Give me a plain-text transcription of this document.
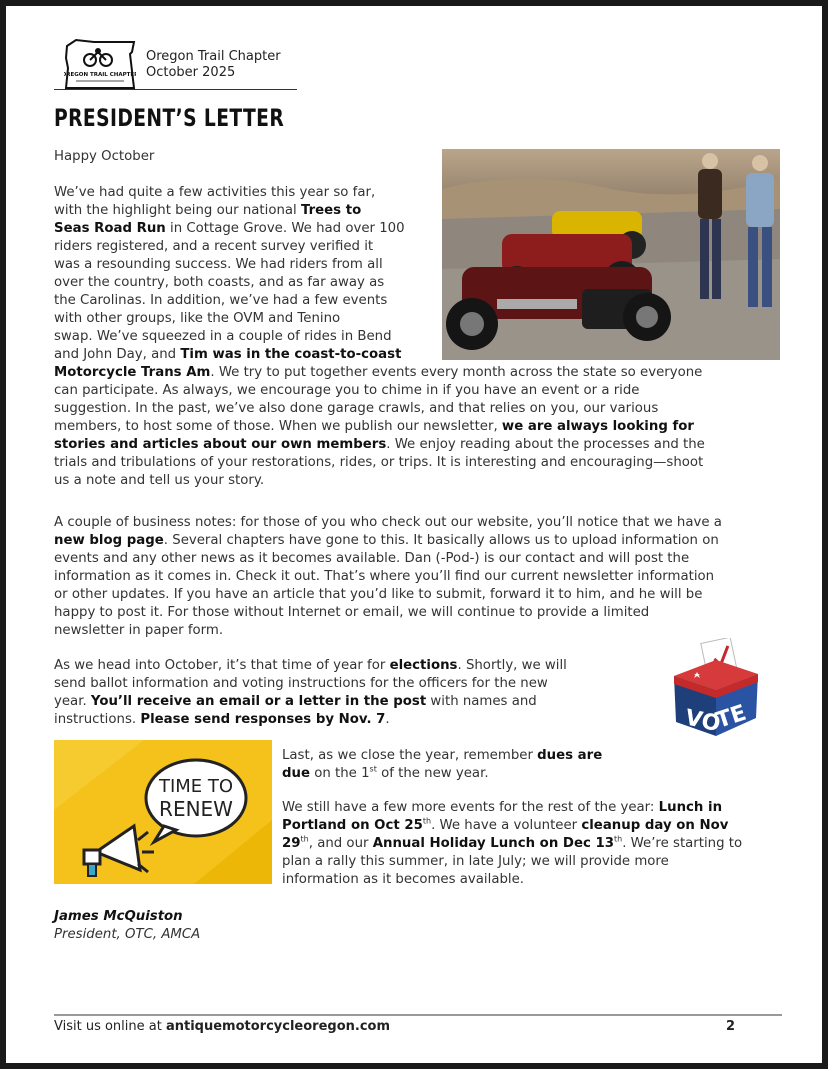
OREGON TRAIL CHAPTER
Oregon Trail Chapter
October 2025
PRESIDENT’S LETTER
Happy October
We’ve had quite a few activities this year so far,
with the highlight being our national Trees to
Seas Road Run in Cottage Grove. We had over 100
riders registered, and a recent survey verified it
was a resounding success. We had riders from all
over the country, both coasts, and as far away as
the Carolinas. In addition, we’ve had a few events
with other groups, like the OVM and Tenino
swap. We’ve squeezed in a couple of rides in Bend
and John Day, and Tim was in the coast-to-coast
Motorcycle Trans Am. We try to put together events every month across the state so everyone
can participate. As always, we encourage you to chime in if you have an event or a ride
suggestion. In the past, we’ve also done garage crawls, and that relies on you, our various
members, to host some of those. When we publish our newsletter, we are always looking for
stories and articles about our own members. We enjoy reading about the processes and the
trials and tribulations of your restorations, rides, or trips. It is interesting and encouraging—shoot
us a note and tell us your story.
A couple of business notes: for those of you who check out our website, you’ll notice that we have a
new blog page. Several chapters have gone to this. It basically allows us to upload information on
events and any other news as it becomes available. Dan (-Pod-) is our contact and will post the
information as it comes in. Check it out. That’s where you’ll find our current newsletter information
or other updates. If you have an article that you’d like to submit, forward it to him, and he will be
happy to post it. For those without Internet or email, we will continue to provide a limited
newsletter in paper form.
As we head into October, it’s that time of year for elections. Shortly, we will
send ballot information and voting instructions for the officers for the new
year. You’ll receive an email or a letter in the post with names and
instructions. Please send responses by Nov. 7.	VO
TE
TIME TO
RENEW
Last, as we close the year, remember dues are
due on the 1st of the new year.
We still have a few more events for the rest of the year: Lunch in
Portland on Oct 25th. We have a volunteer cleanup day on Nov
29th, and our Annual Holiday Lunch on Dec 13th. We’re starting to
plan a rally this summer, in late July; we will provide more
information as it becomes available.
James McQuiston
President, OTC, AMCA
Visit us online at antiquemotorcycleoregon.com	2
